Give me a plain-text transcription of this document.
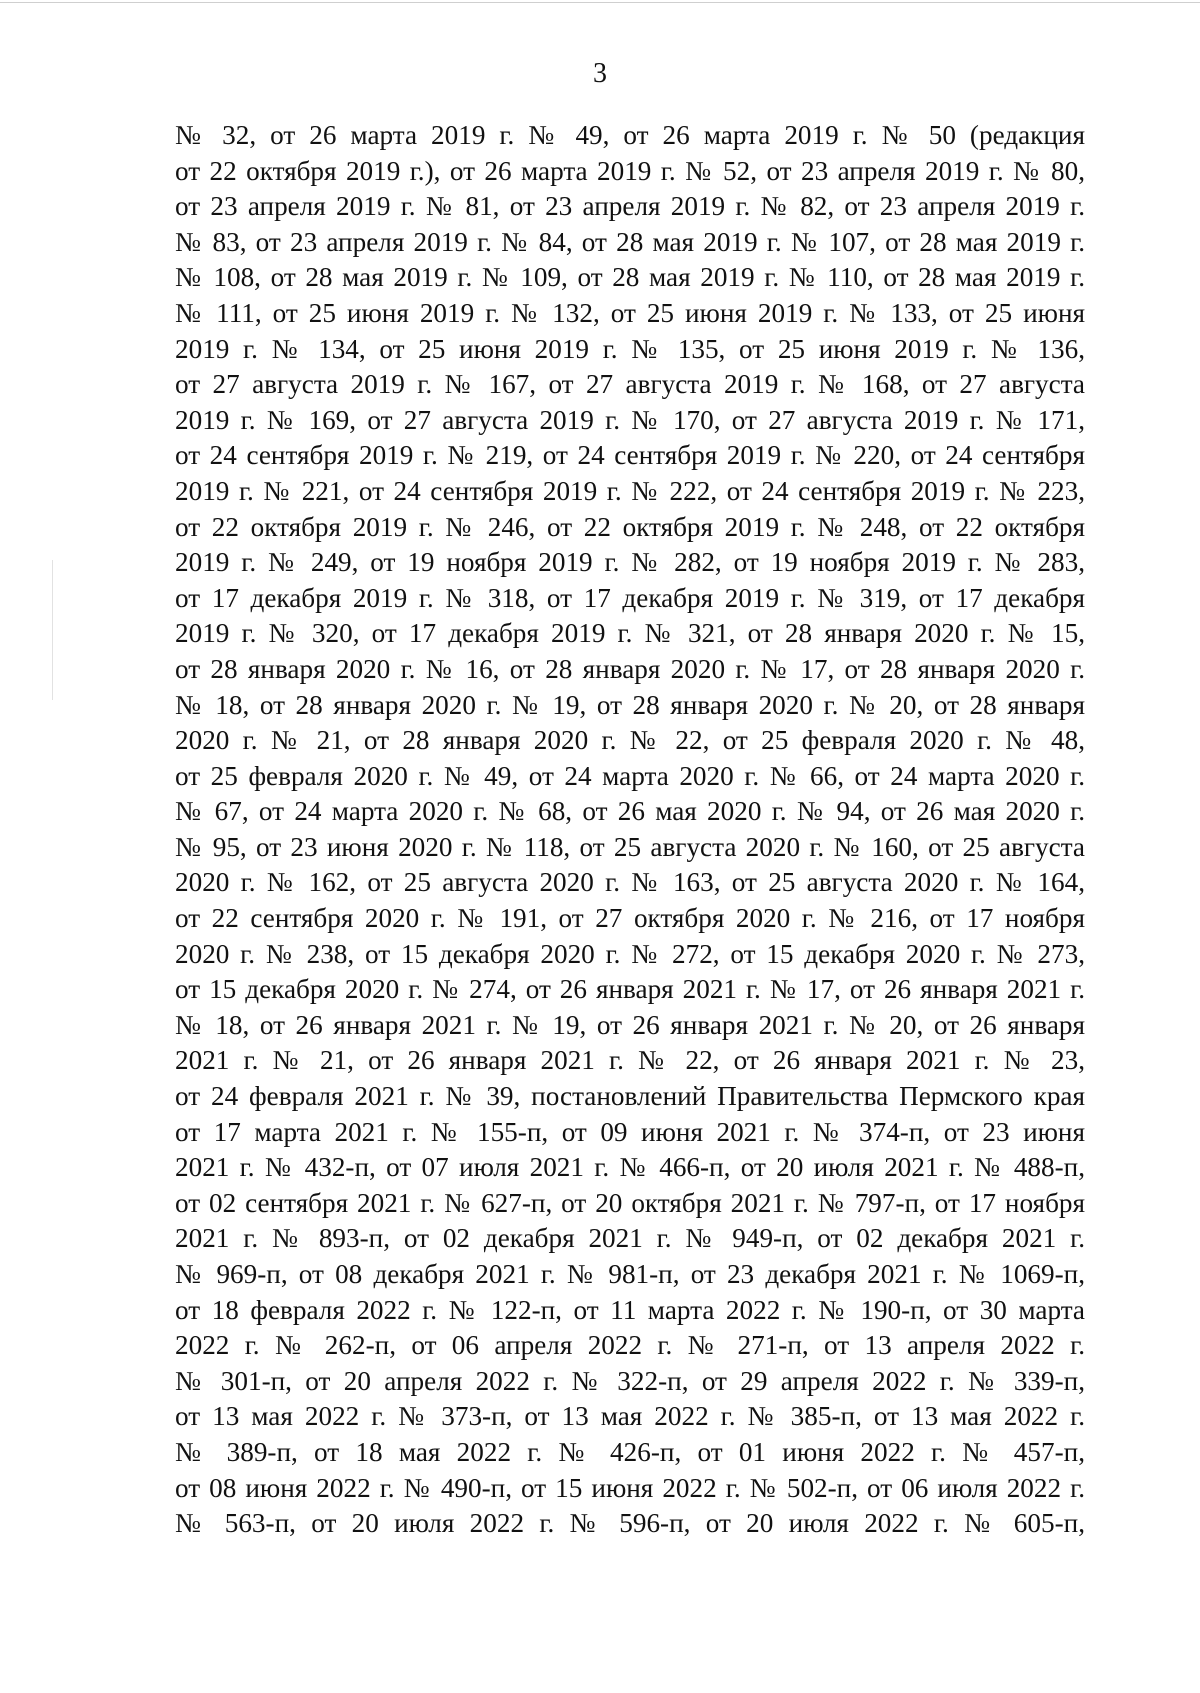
3
№ 32, от 26 марта 2019 г. № 49, от 26 марта 2019 г. № 50 (редакция
от 22 октября 2019 г.), от 26 марта 2019 г. № 52, от 23 апреля 2019 г. № 80,
от 23 апреля 2019 г. № 81, от 23 апреля 2019 г. № 82, от 23 апреля 2019 г.
№ 83, от 23 апреля 2019 г. № 84, от 28 мая 2019 г. № 107, от 28 мая 2019 г.
№ 108, от 28 мая 2019 г. № 109, от 28 мая 2019 г. № 110, от 28 мая 2019 г.
№ 111, от 25 июня 2019 г. № 132, от 25 июня 2019 г. № 133, от 25 июня
2019 г. № 134, от 25 июня 2019 г. № 135, от 25 июня 2019 г. № 136,
от 27 августа 2019 г. № 167, от 27 августа 2019 г. № 168, от 27 августа
2019 г. № 169, от 27 августа 2019 г. № 170, от 27 августа 2019 г. № 171,
от 24 сентября 2019 г. № 219, от 24 сентября 2019 г. № 220, от 24 сентября
2019 г. № 221, от 24 сентября 2019 г. № 222, от 24 сентября 2019 г. № 223,
от 22 октября 2019 г. № 246, от 22 октября 2019 г. № 248, от 22 октября
2019 г. № 249, от 19 ноября 2019 г. № 282, от 19 ноября 2019 г. № 283,
от 17 декабря 2019 г. № 318, от 17 декабря 2019 г. № 319, от 17 декабря
2019 г. № 320, от 17 декабря 2019 г. № 321, от 28 января 2020 г. № 15,
от 28 января 2020 г. № 16, от 28 января 2020 г. № 17, от 28 января 2020 г.
№ 18, от 28 января 2020 г. № 19, от 28 января 2020 г. № 20, от 28 января
2020 г. № 21, от 28 января 2020 г. № 22, от 25 февраля 2020 г. № 48,
от 25 февраля 2020 г. № 49, от 24 марта 2020 г. № 66, от 24 марта 2020 г.
№ 67, от 24 марта 2020 г. № 68, от 26 мая 2020 г. № 94, от 26 мая 2020 г.
№ 95, от 23 июня 2020 г. № 118, от 25 августа 2020 г. № 160, от 25 августа
2020 г. № 162, от 25 августа 2020 г. № 163, от 25 августа 2020 г. № 164,
от 22 сентября 2020 г. № 191, от 27 октября 2020 г. № 216, от 17 ноября
2020 г. № 238, от 15 декабря 2020 г. № 272, от 15 декабря 2020 г. № 273,
от 15 декабря 2020 г. № 274, от 26 января 2021 г. № 17, от 26 января 2021 г.
№ 18, от 26 января 2021 г. № 19, от 26 января 2021 г. № 20, от 26 января
2021 г. № 21, от 26 января 2021 г. № 22, от 26 января 2021 г. № 23,
от 24 февраля 2021 г. № 39, постановлений Правительства Пермского края
от 17 марта 2021 г. № 155-п, от 09 июня 2021 г. № 374-п, от 23 июня
2021 г. № 432-п, от 07 июля 2021 г. № 466-п, от 20 июля 2021 г. № 488-п,
от 02 сентября 2021 г. № 627-п, от 20 октября 2021 г. № 797-п, от 17 ноября
2021 г. № 893-п, от 02 декабря 2021 г. № 949-п, от 02 декабря 2021 г.
№ 969-п, от 08 декабря 2021 г. № 981-п, от 23 декабря 2021 г. № 1069-п,
от 18 февраля 2022 г. № 122-п, от 11 марта 2022 г. № 190-п, от 30 марта
2022 г. № 262-п, от 06 апреля 2022 г. № 271-п, от 13 апреля 2022 г.
№ 301-п, от 20 апреля 2022 г. № 322-п, от 29 апреля 2022 г. № 339-п,
от 13 мая 2022 г. № 373-п, от 13 мая 2022 г. № 385-п, от 13 мая 2022 г.
№ 389-п, от 18 мая 2022 г. № 426-п, от 01 июня 2022 г. № 457-п,
от 08 июня 2022 г. № 490-п, от 15 июня 2022 г. № 502-п, от 06 июля 2022 г.
№ 563-п, от 20 июля 2022 г. № 596-п, от 20 июля 2022 г. № 605-п,
